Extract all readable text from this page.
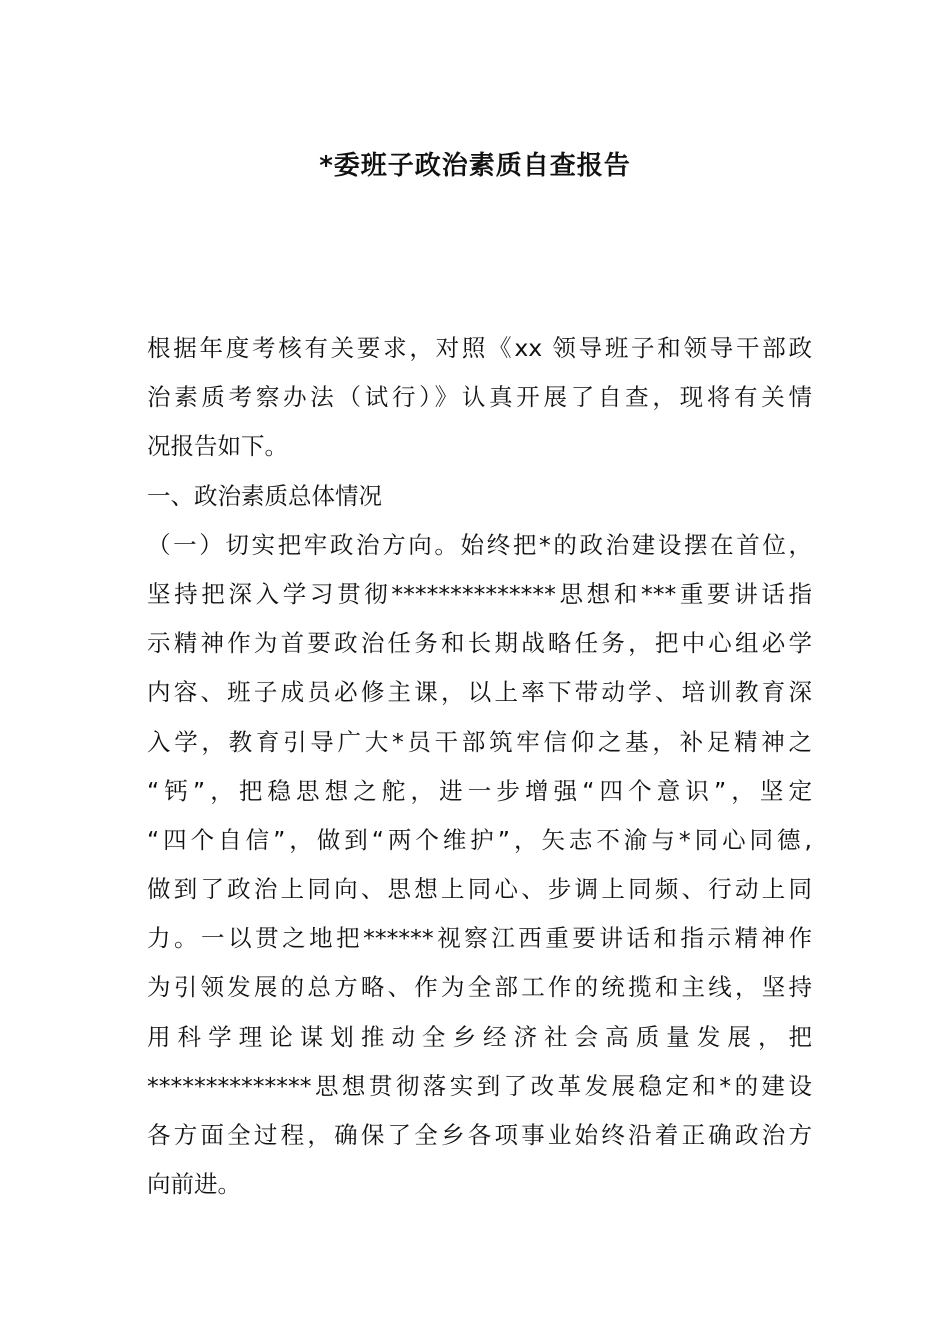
*委班子政治素质自查报告
根据年度考核有关要求，对照《xx 领导班子和领导干部政
治素质考察办法（试行）》认真开展了自查，现将有关情
况报告如下。
一、政治素质总体情况
（一）切实把牢政治方向。始终把*的政治建设摆在首位，
坚持把深入学习贯彻**************思想和***重要讲话指
示精神作为首要政治任务和长期战略任务，把中心组必学
内容、班子成员必修主课，以上率下带动学、培训教育深
入学，教育引导广大*员干部筑牢信仰之基，补足精神之
“钙”，把稳思想之舵，进一步增强“四个意识”，坚定
“四个自信”，做到“两个维护”，矢志不渝与*同心同德,
做到了政治上同向、思想上同心、步调上同频、行动上同
力。一以贯之地把******视察江西重要讲话和指示精神作
为引领发展的总方略、作为全部工作的统揽和主线，坚持
用科学理论谋划推动全乡经济社会高质量发展，把
**************思想贯彻落实到了改革发展稳定和*的建设
各方面全过程，确保了全乡各项事业始终沿着正确政治方
向前进。
